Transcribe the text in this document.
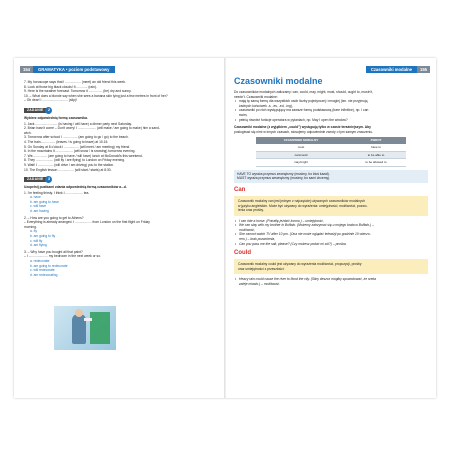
154	GRAMATYKA • poziom podstawowy
7. My horoscope says that I ................. (meet) an old friend this week.
8. Look at those big black clouds! It ............ (rain).
9. Here is the weather forecast. Tomorrow it ............... (be) dry and sunny.
10. – What does a blonde say when she sees a banana skin lying just a few metres in front of her?
– Oh dear! I ............................ (slip)!
ZADANIE	2
Wybierz odpowiednią formę czasownika.
1. Jack ........................ (is having / will have) a dinner party next Saturday.
2. Brian hasn't come – Don't worry! I .................... (will make / am going to make) him a sand-
wich.
3. Tomorrow after school I ................ (am going to go / go) to the beach.
4. The train................ (leaves / is going to leave) at 10.15.
5. On Sunday at 8 o'clock I ................ (will meet / am meeting) my friend.
6. In the mountains it ................... (will snow / is snowing) tomorrow evening.
7. We................ (are going to have / will have) lunch at McDonald's this weekend.
8. They ................... (will fly / are flying) to London on Friday evening.
9. Wait! I ................. (will drive / am driving) you to the station.
10. The English lesson ................. (will start / starts) at 8:30.
ZADANIE	3
Uzupełnij pustkami zdania odpowiednią formą czasowników a.–d.
1. I'm feeling thirsty. I think I ................... tea.
a. have
b. am going to have
c. will have
d. am having
2. – How are you going to get to Athens?
– Everything is already arranged. I .................. from London on the first flight on Friday
morning.
a. fly
b. am going to fly
c. will fly
d. am flying
3. – Why have you bought all that paint?
– I ..................... my bedroom in the next week or so.
a. redecorate
b. am going to redecorate
c. will redecorate
d. am redecorating
Czasowniki modalne	155
Czasowniki modalne
Do czasowników modalnych zaliczamy: can, could, may, might, must, should, ought to, mustn't,
needn't. Czasowniki modalne:
• mają tę samą formę dla wszystkich osób liczby pojedynczej i mnogiej (tzn. nie przyjmują
żadnych końcówek -s, -es, -ed, -ing),
• czasowniki po nich występujący ma zawsze formę podstawową (bare infinitive), np. I can
swim,
• pełnią również funkcje operatora w pytaniach, np. May I open the window?
Czasowniki modalne (z wyjątkiem „could") występują tylko w czasie teraźniejszym. Aby
posługiwać się nimi w innych czasach, stosujemy odpowiednie zwroty o tym samym znaczeniu.
CZASOWNIK MODALNY	ZWROT
must	have to
can/could	to be able to
may/might	to be allowed to
HAVE TO wyraża przymus zewnętrzny (musimy, bo ktoś kazał).
MUST wyraża przymus wewnętrzny (musimy, bo sami chcemy).
Can
Czasownik modalny can jest jednym z najczęściej używanych czasowników modalnych
w języku angielskim. Może być używany do wyrażenia: umiejętności, możliwości, pozwo-
lenia oraz prośby.
• I can ride a horse. (Potrafię jeździć konno.) – umiejętność,
• We can stay with my brother in Buffalo. (Możemy zatrzymać się u mojego brata w Buffalo.) –
możliwość,
• She cannot watch TV after 10 pm. (Ona nie może oglądać telewizji po godzinie 10 wieczo-
rem.) – brak pozwolenia,
• Can you pass me the salt, please? (Czy możesz podać mi sól?) – prośba.
Could
Czasownik modalny could jest używany do wyrażenia możliwości, propozycji, prośby
oraz umiejętności z przeszłości:
• Heavy rain could cause the river to flood the city. (Silny deszcz mógłby spowodować, że rzeka
zaleje miasto.) – możliwość.
